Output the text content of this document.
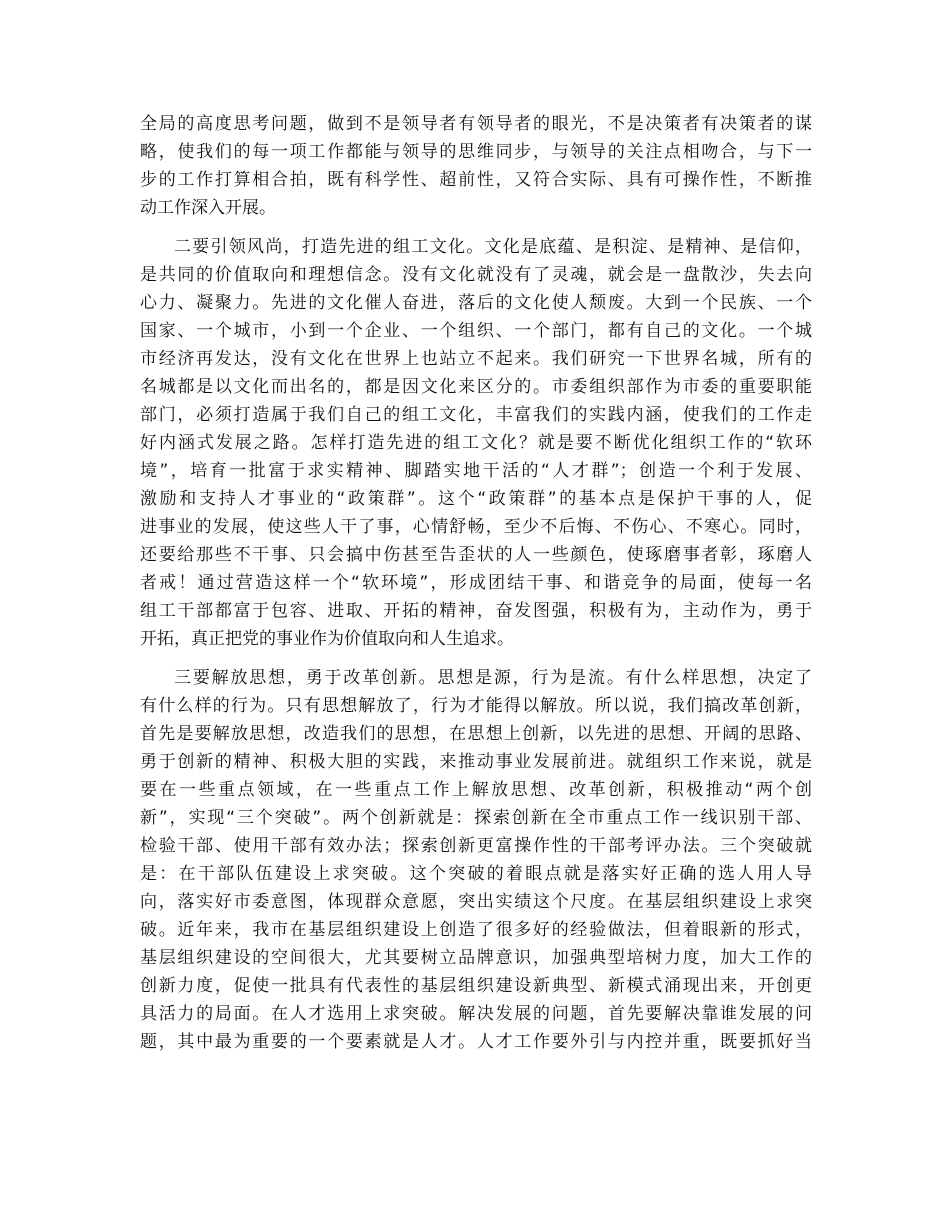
全局的高度思考问题，做到不是领导者有领导者的眼光，不是决策者有决策者的谋
略，使我们的每一项工作都能与领导的思维同步，与领导的关注点相吻合，与下一
步的工作打算相合拍，既有科学性、超前性，又符合实际、具有可操作性，不断推
动工作深入开展。
二要引领风尚，打造先进的组工文化。文化是底蕴、是积淀、是精神、是信仰，
是共同的价值取向和理想信念。没有文化就没有了灵魂，就会是一盘散沙，失去向
心力、凝聚力。先进的文化催人奋进，落后的文化使人颓废。大到一个民族、一个
国家、一个城市，小到一个企业、一个组织、一个部门，都有自己的文化。一个城
市经济再发达，没有文化在世界上也站立不起来。我们研究一下世界名城，所有的
名城都是以文化而出名的，都是因文化来区分的。市委组织部作为市委的重要职能
部门，必须打造属于我们自己的组工文化，丰富我们的实践内涵，使我们的工作走
好内涵式发展之路。怎样打造先进的组工文化？就是要不断优化组织工作的“软环
境”，培育一批富于求实精神、脚踏实地干活的“人才群”；创造一个利于发展、
激励和支持人才事业的“政策群”。这个“政策群”的基本点是保护干事的人，促
进事业的发展，使这些人干了事，心情舒畅，至少不后悔、不伤心、不寒心。同时，
还要给那些不干事、只会搞中伤甚至告歪状的人一些颜色，使琢磨事者彰，琢磨人
者戒！通过营造这样一个“软环境”，形成团结干事、和谐竞争的局面，使每一名
组工干部都富于包容、进取、开拓的精神，奋发图强，积极有为，主动作为，勇于
开拓，真正把党的事业作为价值取向和人生追求。
三要解放思想，勇于改革创新。思想是源，行为是流。有什么样思想，决定了
有什么样的行为。只有思想解放了，行为才能得以解放。所以说，我们搞改革创新，
首先是要解放思想，改造我们的思想，在思想上创新，以先进的思想、开阔的思路、
勇于创新的精神、积极大胆的实践，来推动事业发展前进。就组织工作来说，就是
要在一些重点领域，在一些重点工作上解放思想、改革创新，积极推动“两个创
新”，实现“三个突破”。两个创新就是：探索创新在全市重点工作一线识别干部、
检验干部、使用干部有效办法；探索创新更富操作性的干部考评办法。三个突破就
是：在干部队伍建设上求突破。这个突破的着眼点就是落实好正确的选人用人导
向，落实好市委意图，体现群众意愿，突出实绩这个尺度。在基层组织建设上求突
破。近年来，我市在基层组织建设上创造了很多好的经验做法，但着眼新的形式，
基层组织建设的空间很大，尤其要树立品牌意识，加强典型培树力度，加大工作的
创新力度，促使一批具有代表性的基层组织建设新典型、新模式涌现出来，开创更
具活力的局面。在人才选用上求突破。解决发展的问题，首先要解决靠谁发展的问
题，其中最为重要的一个要素就是人才。人才工作要外引与内控并重，既要抓好当
